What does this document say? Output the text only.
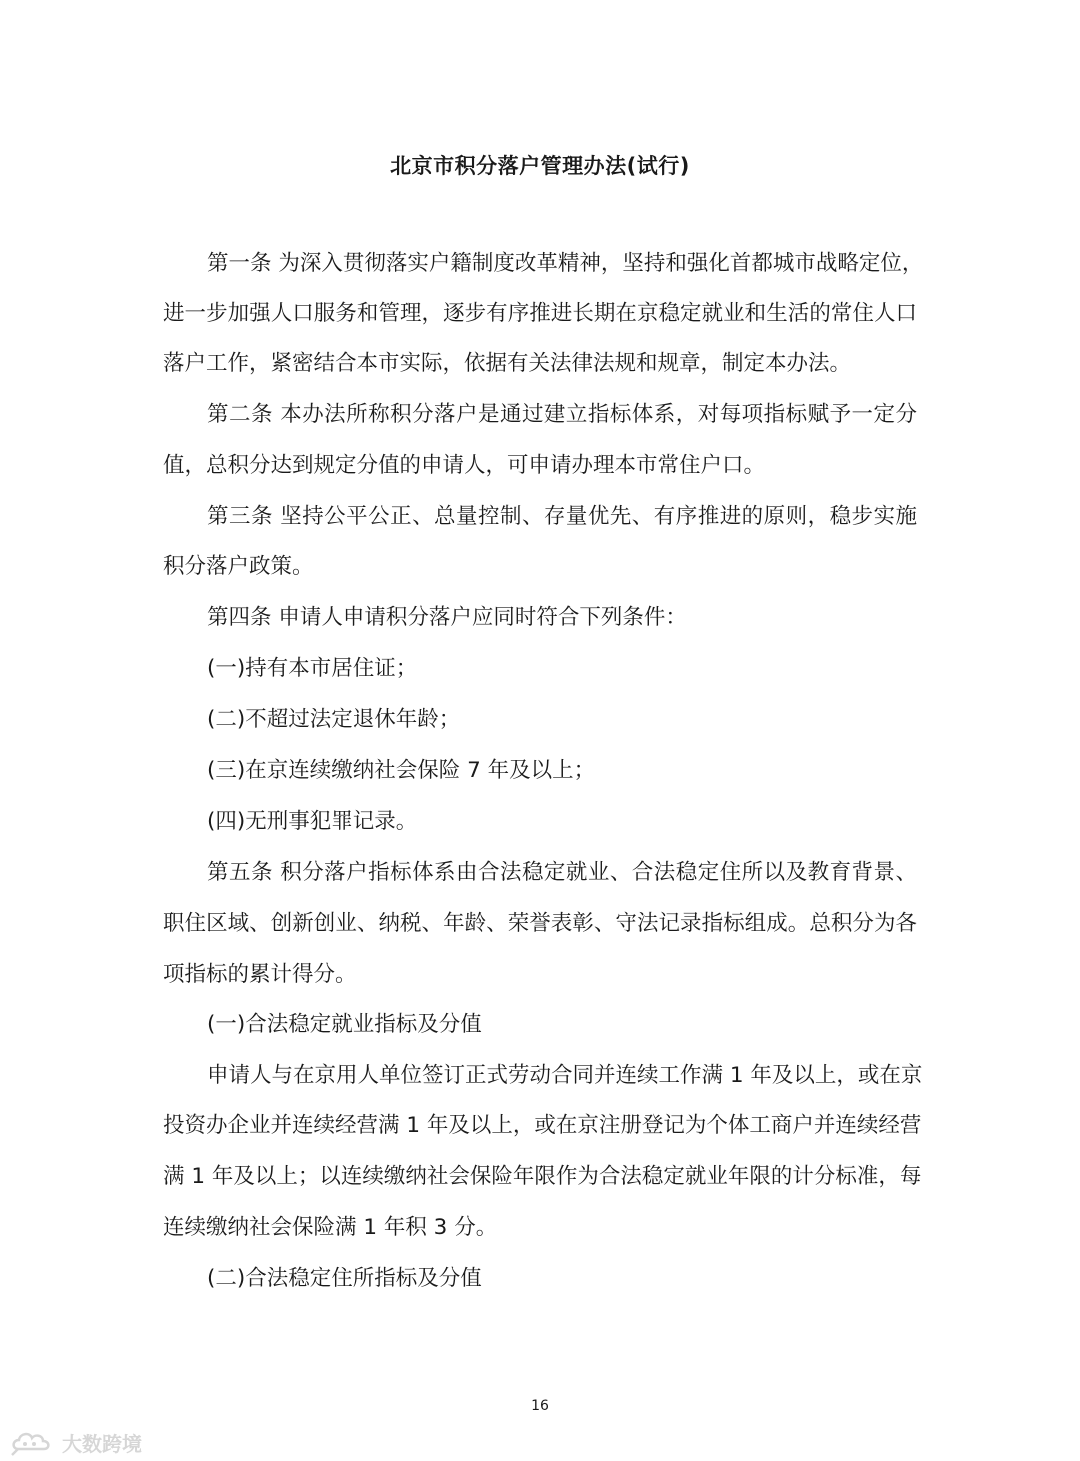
北京市积分落户管理办法(试行)
第一条 为深入贯彻落实户籍制度改革精神，坚持和强化首都城市战略定位，
进一步加强人口服务和管理，逐步有序推进长期在京稳定就业和生活的常住人口
落户工作，紧密结合本市实际，依据有关法律法规和规章，制定本办法。
第二条 本办法所称积分落户是通过建立指标体系，对每项指标赋予一定分
值，总积分达到规定分值的申请人，可申请办理本市常住户口。
第三条 坚持公平公正、总量控制、存量优先、有序推进的原则，稳步实施
积分落户政策。
第四条 申请人申请积分落户应同时符合下列条件：
(一)持有本市居住证；
(二)不超过法定退休年龄；
(三)在京连续缴纳社会保险 7 年及以上；
(四)无刑事犯罪记录。
第五条 积分落户指标体系由合法稳定就业、合法稳定住所以及教育背景、
职住区域、创新创业、纳税、年龄、荣誉表彰、守法记录指标组成。总积分为各
项指标的累计得分。
(一)合法稳定就业指标及分值
申请人与在京用人单位签订正式劳动合同并连续工作满 1 年及以上，或在京
投资办企业并连续经营满 1 年及以上，或在京注册登记为个体工商户并连续经营
满 1 年及以上；以连续缴纳社会保险年限作为合法稳定就业年限的计分标准，每
连续缴纳社会保险满 1 年积 3 分。
(二)合法稳定住所指标及分值
16
大数跨境
